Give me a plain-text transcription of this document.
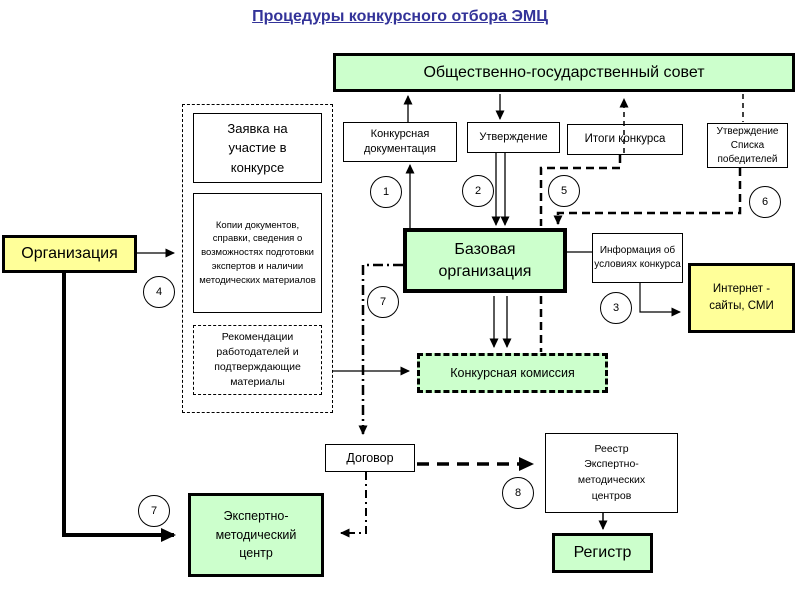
Процедуры конкурсного отбора ЭМЦ
Общественно-государственный совет
Конкурсная документация
Утверждение	Итоги конкурса
Утверждение Списка победителей
Заявка на участие в конкурсе
Копии документов, справки, сведения о возможностях подготовки экспертов и наличии методических материалов
Рекомендации работодателей и подтверждающие материалы
Организация	Базовая организация
Информация об условиях конкурса
Интернет - сайты, СМИ
Конкурсная комиссия
Договор
Реестр Экспертно-методических центров
Экспертно-методический центр	Регистр
1	2
3
4
5
6
7
7
8
